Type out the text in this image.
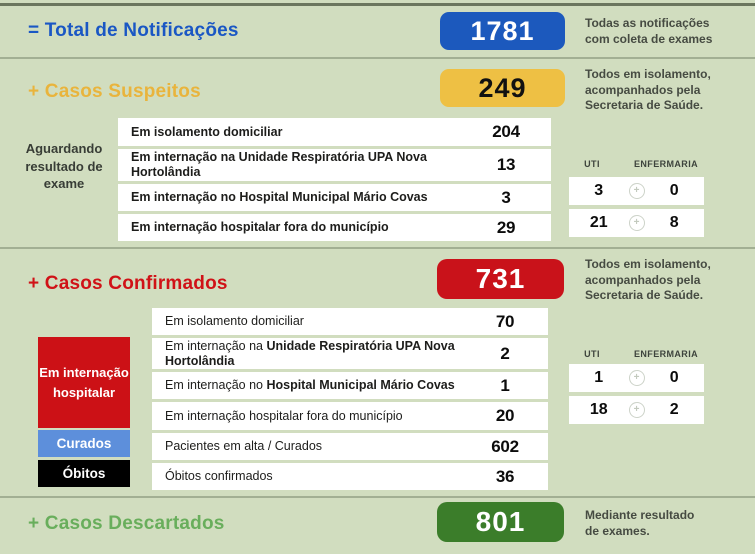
= Total de Notificações	1781	Todas as notificações
com coleta de exames
+ Casos Suspeitos	249	Todos em isolamento,
acompanhados pela
Secretaria de Saúde.
Aguardando resultado de exame
Em isolamento domiciliar	204
Em internação na Unidade Respiratória UPA Nova Hortolândia	13
Em internação no Hospital Municipal Mário Covas	3
Em internação hospitalar fora do município	29
UTI	ENFERMARIA
3	+	0
21	+	8
+ Casos Confirmados	731	Todos em isolamento,
acompanhados pela
Secretaria de Saúde.
Em internação hospitalar
Curados
Óbitos
Em isolamento domiciliar	70
Em internação na Unidade Respiratória UPA Nova Hortolândia	2
Em internação no Hospital Municipal Mário Covas	1
Em internação hospitalar fora do município	20
Pacientes em alta / Curados	602
Óbitos confirmados	36
UTI	ENFERMARIA
1	+	0
18	+	2
+ Casos Descartados	801	Mediante resultado
de exames.
